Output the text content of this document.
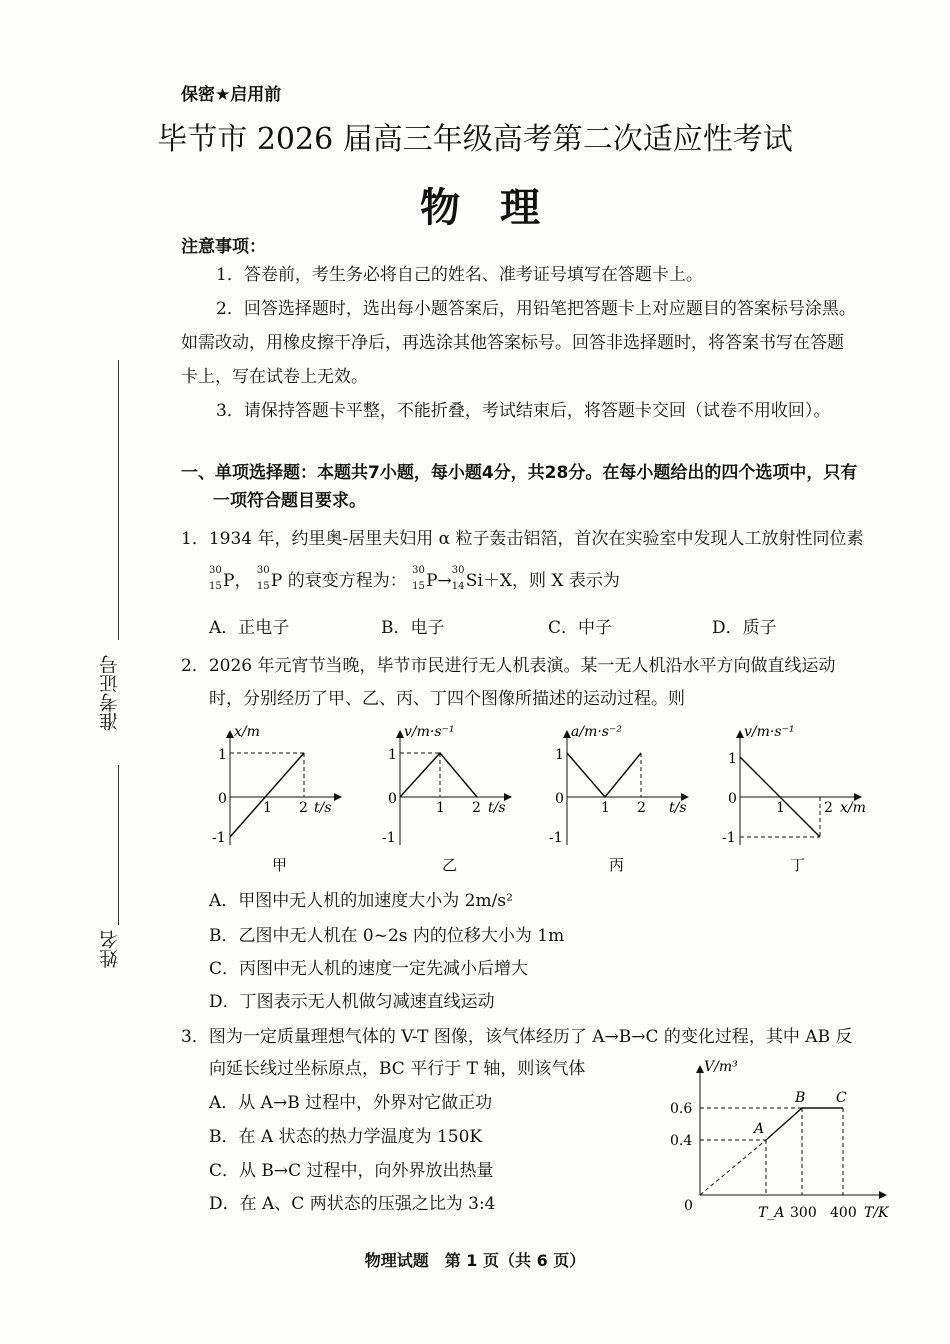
保密★启用前
毕节市 2026 届高三年级高考第二次适应性考试
物理
注意事项：
1．答卷前，考生务必将自己的姓名、准考证号填写在答题卡上。
2．回答选择题时，选出每小题答案后，用铅笔把答题卡上对应题目的答案标号涂黑。
如需改动，用橡皮擦干净后，再选涂其他答案标号。回答非选择题时，将答案书写在答题
卡上，写在试卷上无效。
3．请保持答题卡平整，不能折叠，考试结束后，将答题卡交回（试卷不用收回）。
准考证号
姓名
一、单项选择题：本题共7小题，每小题4分，共28分。在每小题给出的四个选项中，只有
一项符合题目要求。
1．1934 年，约里奥-居里夫妇用 α 粒子轰击铝箔，首次在实验室中发现人工放射性同位素
30
15 P，
30
15 P 的衰变方程为：
30
15 P→
30
14 Si＋X，则 X 表示为
A．正电子	B．电子	C．中子	D．质子
2．2026 年元宵节当晚，毕节市民进行无人机表演。某一无人机沿水平方向做直线运动
时，分别经历了甲、乙、丙、丁四个图像所描述的运动过程。则
x/m
t/s
1
0
-1
1 2
甲
v/m·s⁻¹
t/s
1
0
-1
1 2
乙
a/m·s⁻²
t/s
1
0
-1
1 2
丙
v/m·s⁻¹
x/m
1
0
-1
1	2
丁
A．甲图中无人机的加速度大小为 2m/s²
B．乙图中无人机在 0~2s 内的位移大小为 1m
C．丙图中无人机的速度一定先减小后增大
D．丁图表示无人机做匀减速直线运动
3．图为一定质量理想气体的 V-T 图像，该气体经历了 A→B→C 的变化过程，其中 AB 反
向延长线过坐标原点，BC 平行于 T 轴，则该气体
A．从 A→B 过程中，外界对它做正功
B．在 A 状态的热力学温度为 150K
C．从 B→C 过程中，向外界放出热量
D．在 A、C 两状态的压强之比为 3:4
V/m³
T/K
0
0.6
0.4
T_A 300 400
A
B C
物理试题　第 1 页（共 6 页）
